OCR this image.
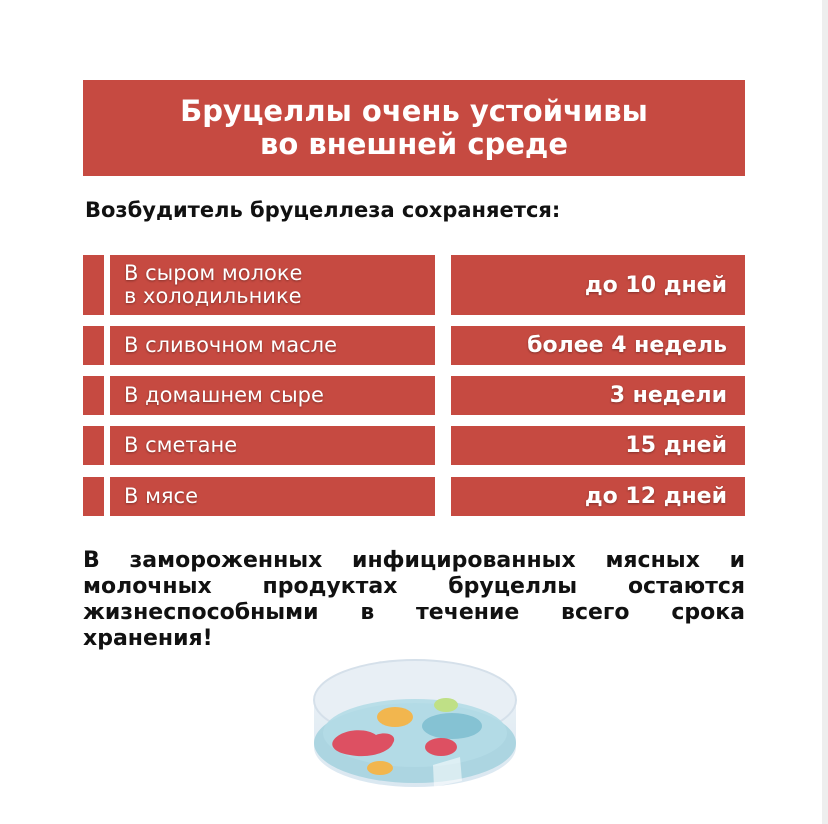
Бруцеллы очень устойчивы
во внешней среде
Возбудитель бруцеллеза сохраняется:
В сыром молоке
в холодильнике	до 10 дней
В сливочном масле	более 4 недель
В домашнем сыре	3 недели
В сметане	15 дней
В мясе	до 12 дней
В замороженных инфицированных мясных и молочных продуктах бруцеллы остаются жизнеспособными в течение всего срока хранения!
